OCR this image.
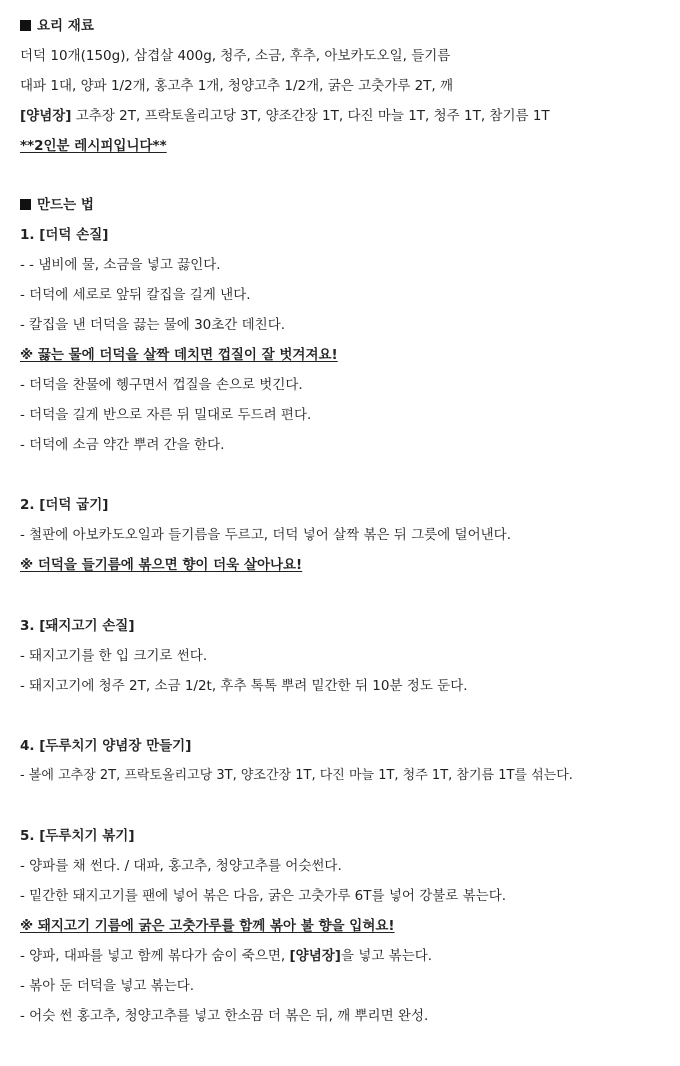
요리 재료
더덕 10개(150g), 삼겹살 400g, 청주, 소금, 후추, 아보카도오일, 들기름
대파 1대, 양파 1/2개, 홍고추 1개, 청양고추 1/2개, 굵은 고춧가루 2T, 깨
[양념장] 고추장 2T, 프락토올리고당 3T, 양조간장 1T, 다진 마늘 1T, 청주 1T, 참기름 1T
**2인분 레시피입니다**
만드는 법
1. [더덕 손질]
- - 냄비에 물, 소금을 넣고 끓인다.
- 더덕에 세로로 앞뒤 칼집을 길게 낸다.
- 칼집을 낸 더덕을 끓는 물에 30초간 데친다.
※ 끓는 물에 더덕을 살짝 데치면 껍질이 잘 벗겨져요!
- 더덕을 찬물에 헹구면서 껍질을 손으로 벗긴다.
- 더덕을 길게 반으로 자른 뒤 밀대로 두드려 편다.
- 더덕에 소금 약간 뿌려 간을 한다.
2. [더덕 굽기]
- 철판에 아보카도오일과 들기름을 두르고, 더덕 넣어 살짝 볶은 뒤 그릇에 덜어낸다.
※ 더덕을 들기름에 볶으면 향이 더욱 살아나요!
3. [돼지고기 손질]
- 돼지고기를 한 입 크기로 썬다.
- 돼지고기에 청주 2T, 소금 1/2t, 후추 톡톡 뿌려 밑간한 뒤 10분 정도 둔다.
4. [두루치기 양념장 만들기]
- 볼에 고추장 2T, 프락토올리고당 3T, 양조간장 1T, 다진 마늘 1T, 청주 1T, 참기름 1T를 섞는다.
5. [두루치기 볶기]
- 양파를 채 썬다. / 대파, 홍고추, 청양고추를 어슷썬다.
- 밑간한 돼지고기를 팬에 넣어 볶은 다음, 굵은 고춧가루 6T를 넣어 강불로 볶는다.
※ 돼지고기 기름에 굵은 고춧가루를 함께 볶아 불 향을 입혀요!
- 양파, 대파를 넣고 함께 볶다가 숨이 죽으면, [양념장]을 넣고 볶는다.
- 볶아 둔 더덕을 넣고 볶는다.
- 어슷 썬 홍고추, 청양고추를 넣고 한소끔 더 볶은 뒤, 깨 뿌리면 완성.
